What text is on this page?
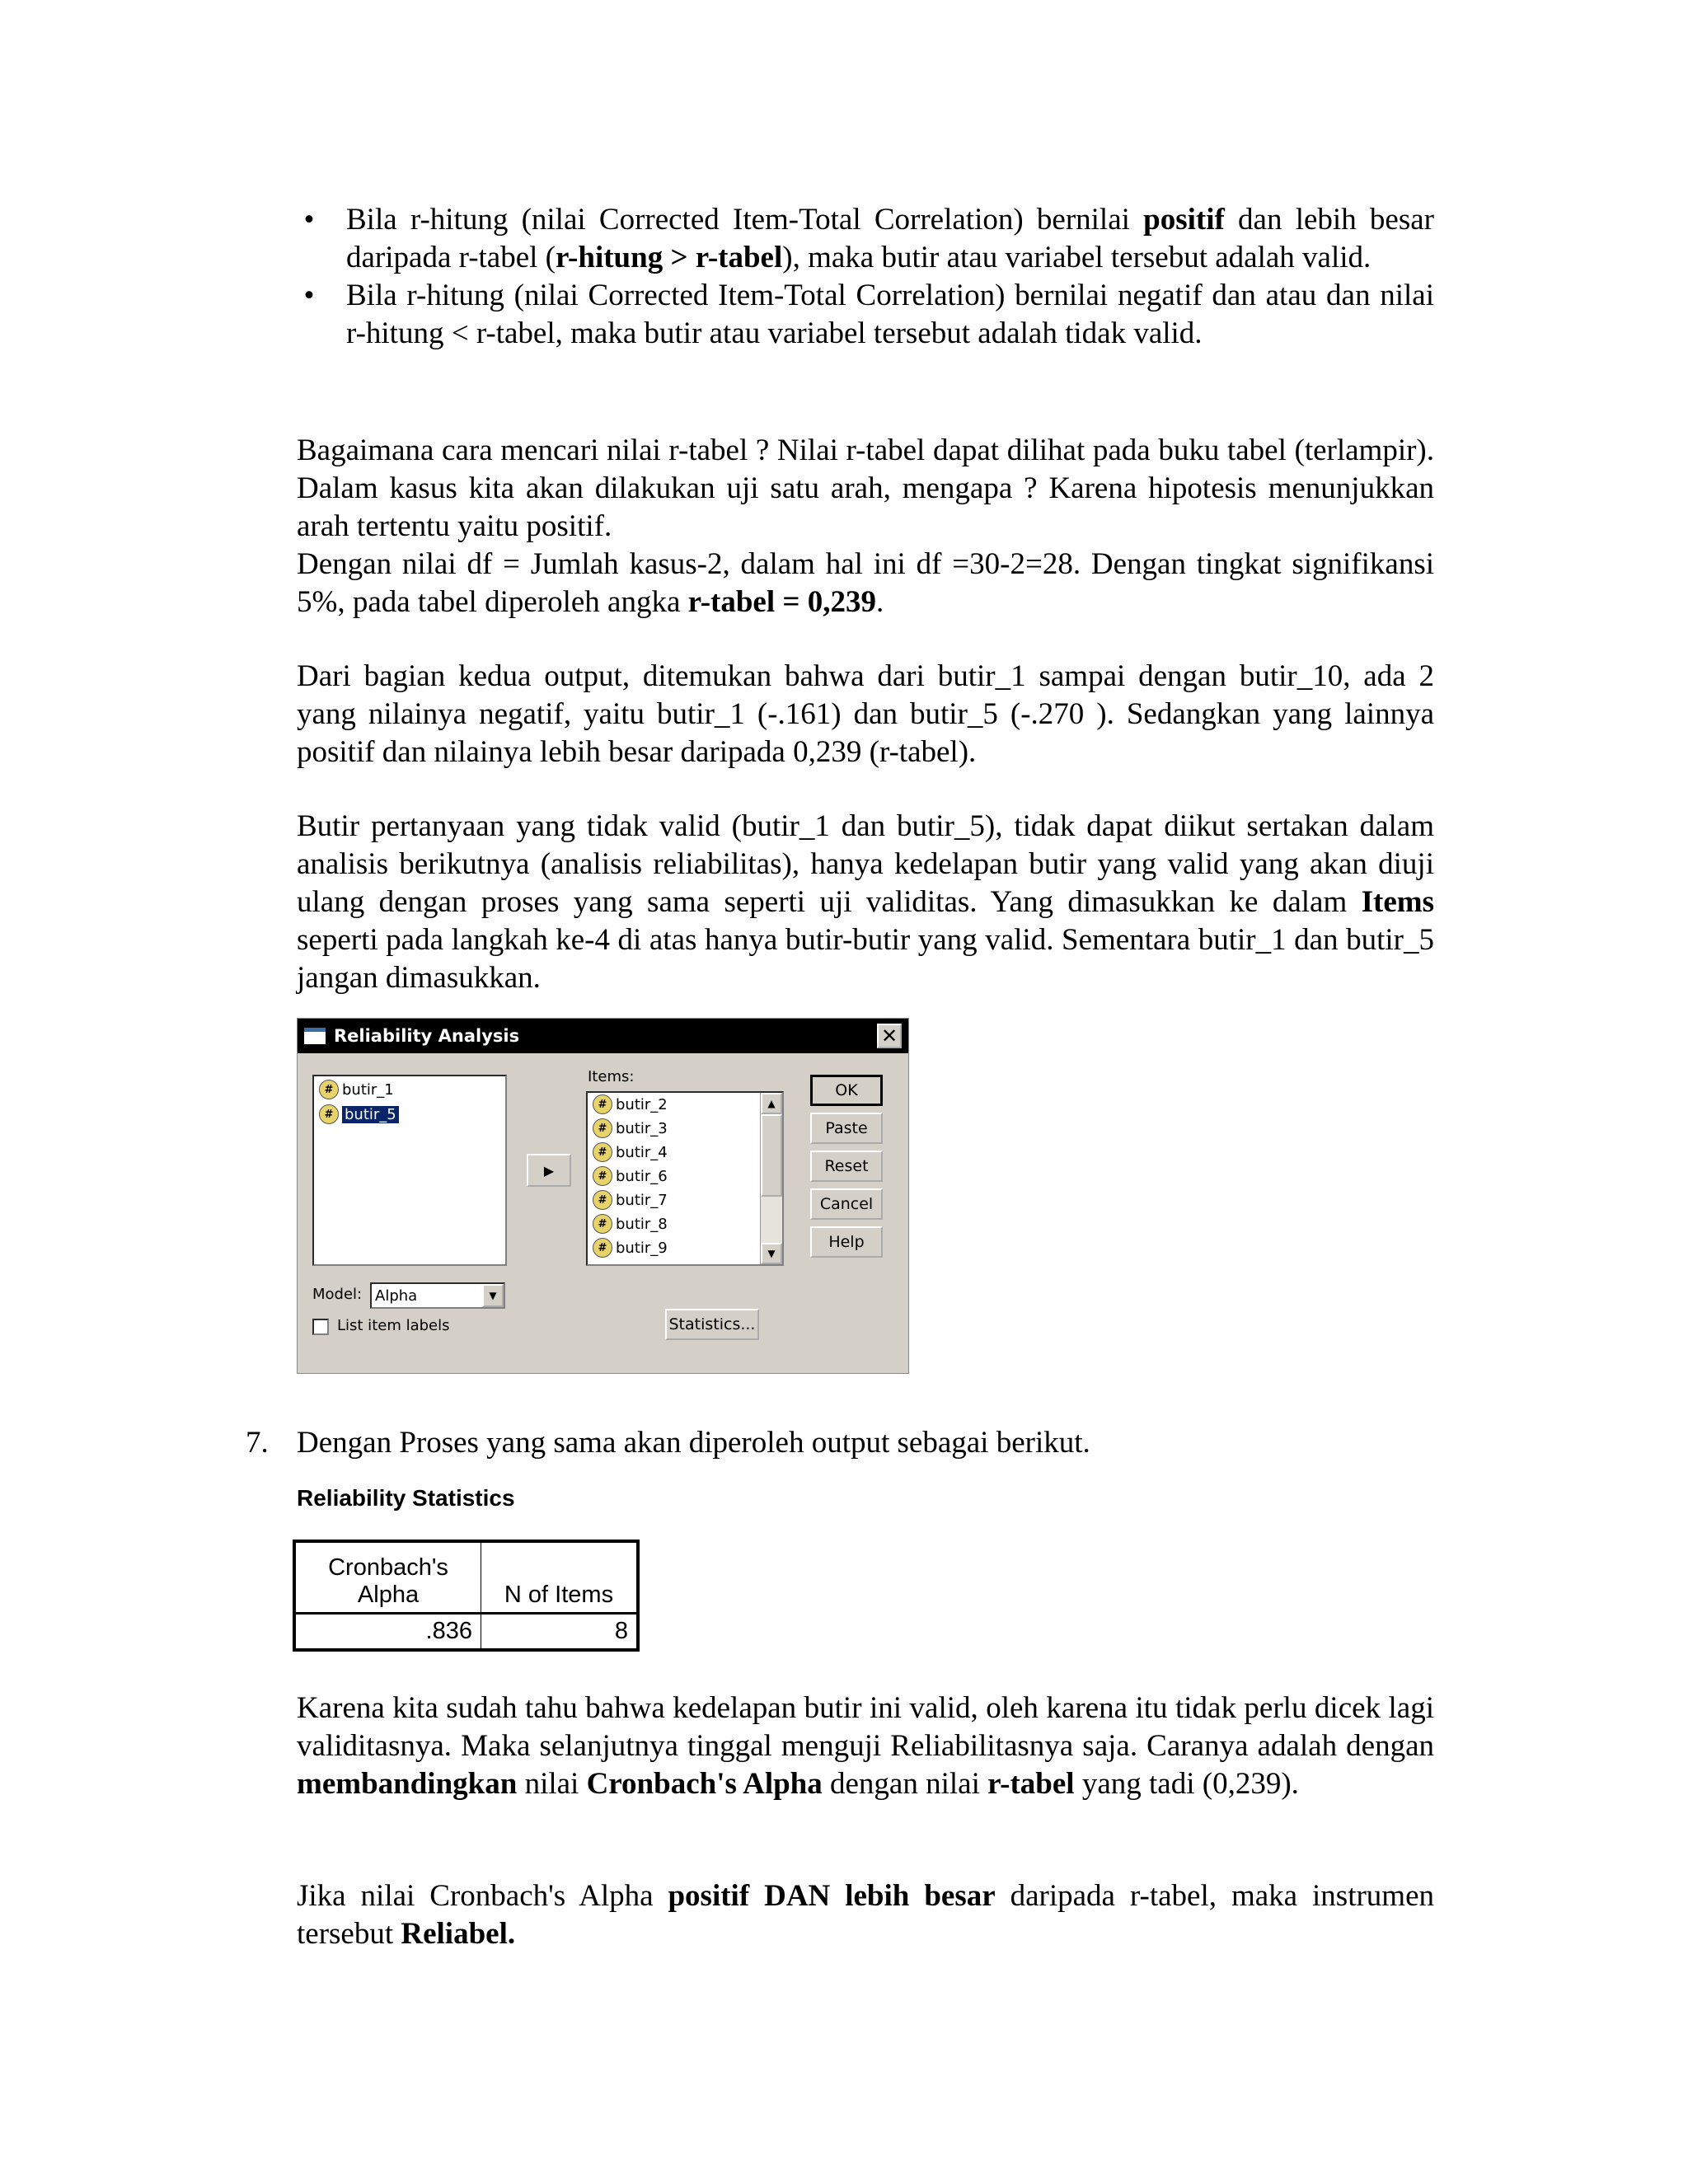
• Bila r-hitung (nilai Corrected Item-Total Correlation) bernilai positif dan lebih besar daripada r-tabel (r-hitung > r-tabel), maka butir atau variabel tersebut adalah valid.
• Bila r-hitung (nilai Corrected Item-Total Correlation) bernilai negatif dan atau dan nilai r-hitung < r-tabel, maka butir atau variabel tersebut adalah tidak valid.
Bagaimana cara mencari nilai r-tabel ? Nilai r-tabel dapat dilihat pada buku tabel (terlampir). Dalam kasus kita akan dilakukan uji satu arah, mengapa ? Karena hipotesis menunjukkan arah tertentu yaitu positif.
Dengan nilai df = Jumlah kasus-2, dalam hal ini df =30-2=28. Dengan tingkat signifikansi 5%, pada tabel diperoleh angka r-tabel = 0,239.
Dari bagian kedua output, ditemukan bahwa dari butir_1 sampai dengan butir_10, ada 2 yang nilainya negatif, yaitu butir_1 (-.161) dan butir_5 (-.270 ). Sedangkan yang lainnya positif dan nilainya lebih besar daripada 0,239 (r-tabel).
Butir pertanyaan yang tidak valid (butir_1 dan butir_5), tidak dapat diikut sertakan dalam analisis berikutnya (analisis reliabilitas), hanya kedelapan butir yang valid yang akan diuji ulang dengan proses yang sama seperti uji validitas. Yang dimasukkan ke dalam Items seperti pada langkah ke-4 di atas hanya butir-butir yang valid. Sementara butir_1 dan butir_5 jangan dimasukkan.
Reliability Analysis	✕
# butir_1
# butir_5
▶
Items:
# butir_2
# butir_3
# butir_4
# butir_6
# butir_7
# butir_8
# butir_9
▲
▼
OK
Paste
Reset
Cancel
Help
Model: Alpha	▼
List item labels	Statistics...
7. Dengan Proses yang sama akan diperoleh output sebagai berikut.
Reliability Statistics
Cronbach's
Alpha	N of Items
.836	8
Karena kita sudah tahu bahwa kedelapan butir ini valid, oleh karena itu tidak perlu dicek lagi validitasnya. Maka selanjutnya tinggal menguji Reliabilitasnya saja. Caranya adalah dengan membandingkan nilai Cronbach's Alpha dengan nilai r-tabel yang tadi (0,239).
Jika nilai Cronbach's Alpha positif DAN lebih besar daripada r-tabel, maka instrumen tersebut Reliabel.
